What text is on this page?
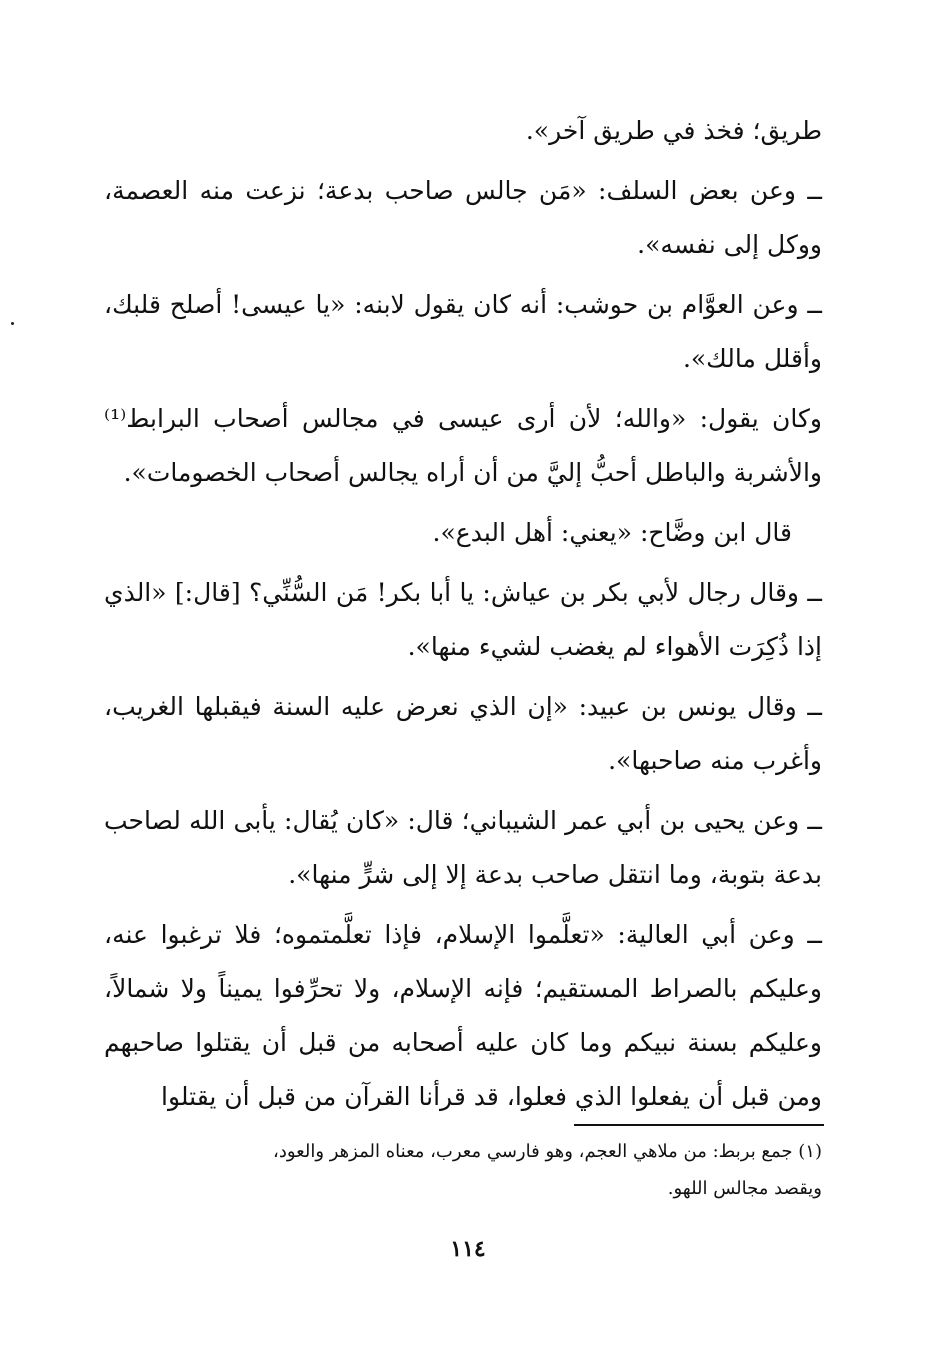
طريق؛ فخذ في طريق آخر».

ــ وعن بعض السلف: «مَن جالس صاحب بدعة؛ نزعت منه العصمة، ووكل إلى نفسه».

ــ وعن العوَّام بن حوشب: أنه كان يقول لابنه: «يا عيسى! أصلح قلبك، وأقلل مالك».

وكان يقول: «والله؛ لأن أرى عيسى في مجالس أصحاب البرابط⁽¹⁾ والأشربة والباطل أحبُّ إليَّ من أن أراه يجالس أصحاب الخصومات».

قال ابن وضَّاح: «يعني: أهل البدع».

ــ وقال رجال لأبي بكر بن عياش: يا أبا بكر! مَن السُّنِّي؟ [قال:] «الذي إذا ذُكِرَت الأهواء لم يغضب لشيء منها».

ــ وقال يونس بن عبيد: «إن الذي نعرض عليه السنة فيقبلها الغريب، وأغرب منه صاحبها».

ــ وعن يحيى بن أبي عمر الشيباني؛ قال: «كان يُقال: يأبى الله لصاحب بدعة بتوبة، وما انتقل صاحب بدعة إلا إلى شرٍّ منها».

ــ وعن أبي العالية: «تعلَّموا الإسلام، فإذا تعلَّمتموه؛ فلا ترغبوا عنه، وعليكم بالصراط المستقيم؛ فإنه الإسلام، ولا تحرِّفوا يميناً ولا شمالاً، وعليكم بسنة نبيكم وما كان عليه أصحابه من قبل أن يقتلوا صاحبهم ومن قبل أن يفعلوا الذي فعلوا، قد قرأنا القرآن من قبل أن يقتلوا

(١) جمع بربط: من ملاهي العجم، وهو فارسي معرب، معناه المزهر والعود،

ويقصد مجالس اللهو.

١١٤
